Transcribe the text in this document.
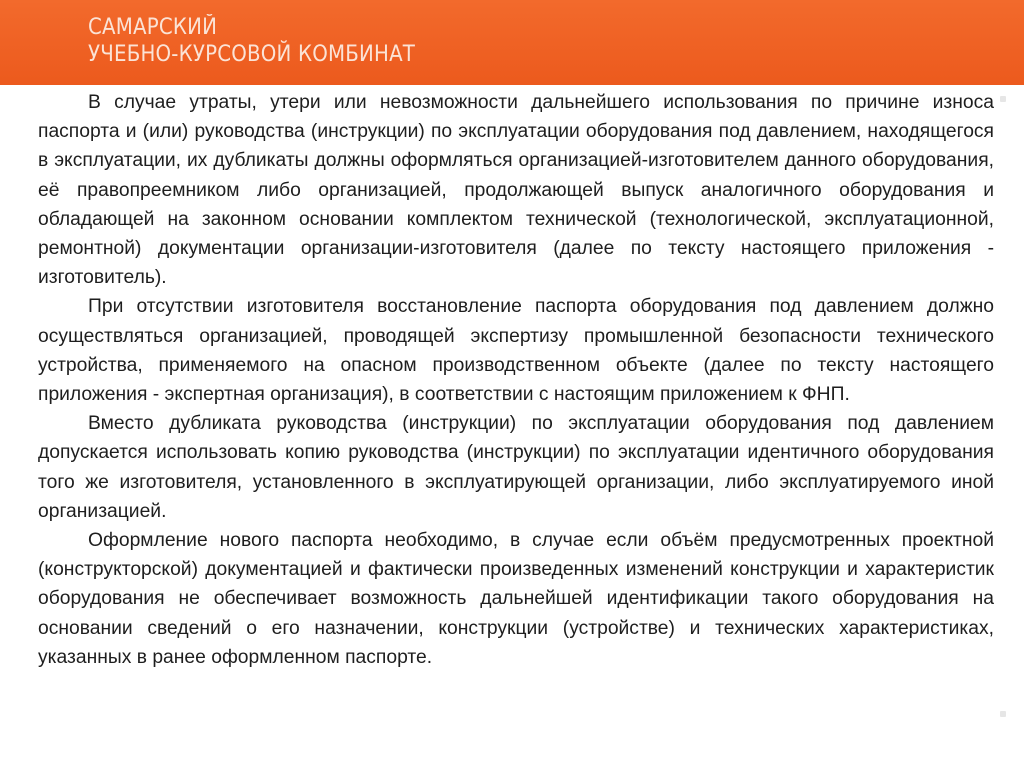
САМАРСКИЙ
УЧЕБНО-КУРСОВОЙ КОМБИНАТ

В случае утраты, утери или невозможности дальнейшего использования по причине износа паспорта и (или) руководства (инструкции) по эксплуатации оборудования под давлением, находящегося в эксплуатации, их дубликаты должны оформляться организацией-изготовителем данного оборудования, её правопреемником либо организацией, продолжающей выпуск аналогичного оборудования и обладающей на законном основании комплектом технической (технологической, эксплуатационной, ремонтной) документации организации-изготовителя (далее по тексту настоящего приложения - изготовитель).

При отсутствии изготовителя восстановление паспорта оборудования под давлением должно осуществляться организацией, проводящей экспертизу промышленной безопасности технического устройства, применяемого на опасном производственном объекте (далее по тексту настоящего приложения - экспертная организация), в соответствии с настоящим приложением к ФНП.

Вместо дубликата руководства (инструкции) по эксплуатации оборудования под давлением допускается использовать копию руководства (инструкции) по эксплуатации идентичного оборудования того же изготовителя, установленного в эксплуатирующей организации, либо эксплуатируемого иной организацией.

Оформление нового паспорта необходимо, в случае если объём предусмотренных проектной (конструкторской) документацией и фактически произведенных изменений конструкции и характеристик оборудования не обеспечивает возможность дальнейшей идентификации такого оборудования на основании сведений о его назначении, конструкции (устройстве) и технических характеристиках, указанных в ранее оформленном паспорте.
